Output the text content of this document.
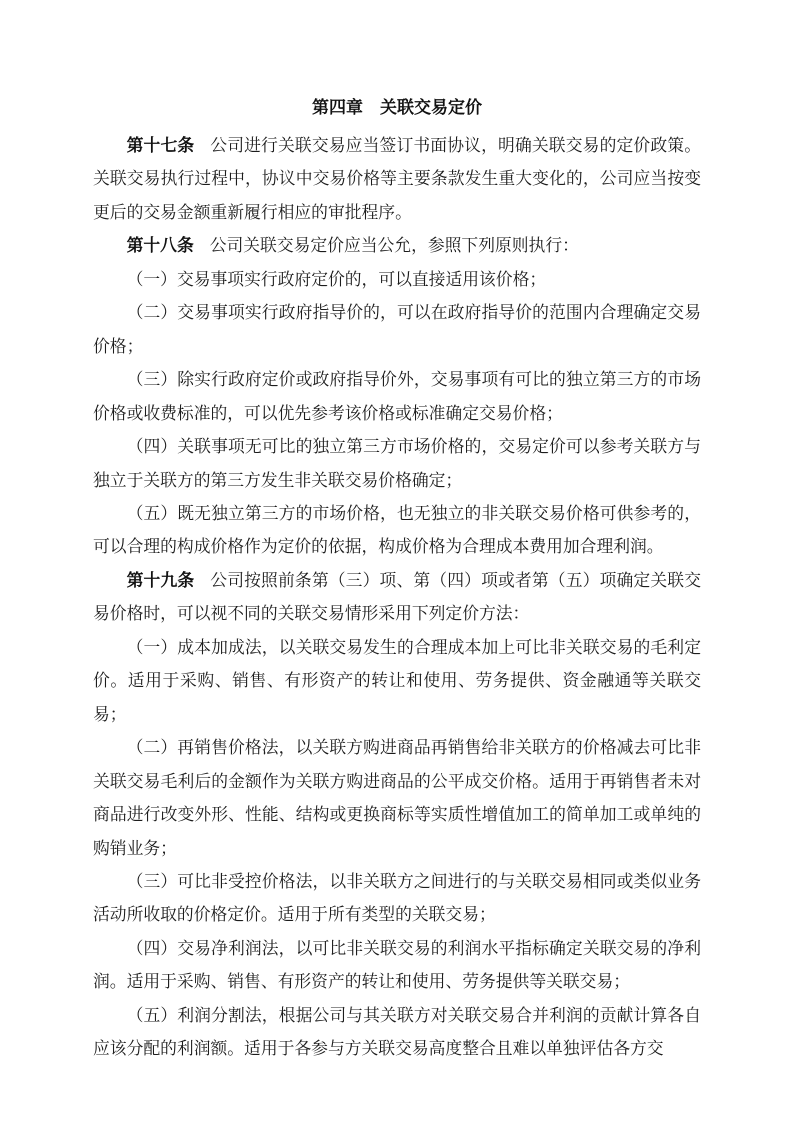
第四章　关联交易定价

第十七条 公司进行关联交易应当签订书面协议，明确关联交易的定价政策。关联交易执行过程中，协议中交易价格等主要条款发生重大变化的，公司应当按变更后的交易金额重新履行相应的审批程序。

第十八条 公司关联交易定价应当公允，参照下列原则执行：

（一）交易事项实行政府定价的，可以直接适用该价格；

（二）交易事项实行政府指导价的，可以在政府指导价的范围内合理确定交易价格；

（三）除实行政府定价或政府指导价外，交易事项有可比的独立第三方的市场价格或收费标准的，可以优先参考该价格或标准确定交易价格；

（四）关联事项无可比的独立第三方市场价格的，交易定价可以参考关联方与独立于关联方的第三方发生非关联交易价格确定；

（五）既无独立第三方的市场价格，也无独立的非关联交易价格可供参考的，可以合理的构成价格作为定价的依据，构成价格为合理成本费用加合理利润。

第十九条 公司按照前条第（三）项、第（四）项或者第（五）项确定关联交易价格时，可以视不同的关联交易情形采用下列定价方法：

（一）成本加成法，以关联交易发生的合理成本加上可比非关联交易的毛利定价。适用于采购、销售、有形资产的转让和使用、劳务提供、资金融通等关联交易；

（二）再销售价格法，以关联方购进商品再销售给非关联方的价格减去可比非关联交易毛利后的金额作为关联方购进商品的公平成交价格。适用于再销售者未对商品进行改变外形、性能、结构或更换商标等实质性增值加工的简单加工或单纯的购销业务；

（三）可比非受控价格法，以非关联方之间进行的与关联交易相同或类似业务活动所收取的价格定价。适用于所有类型的关联交易；

（四）交易净利润法，以可比非关联交易的利润水平指标确定关联交易的净利润。适用于采购、销售、有形资产的转让和使用、劳务提供等关联交易；

（五）利润分割法，根据公司与其关联方对关联交易合并利润的贡献计算各自应该分配的利润额。适用于各参与方关联交易高度整合且难以单独评估各方交
